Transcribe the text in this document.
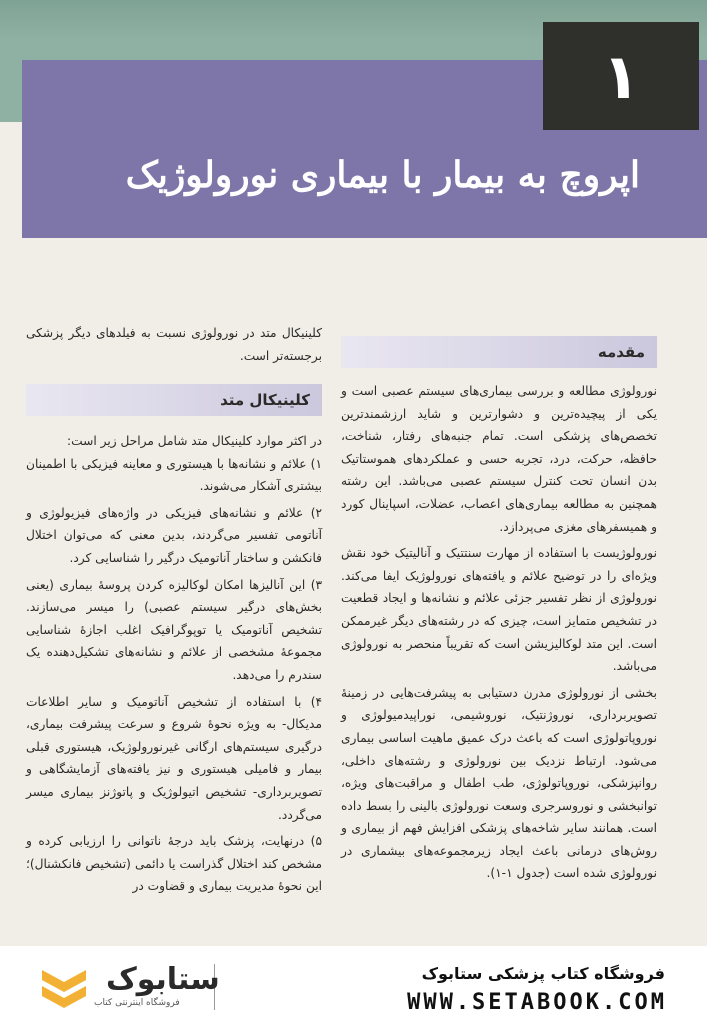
۱
اپروچ به بیمار با بیماری نورولوژیک
مقدمه

نورولوژی مطالعه و بررسی بیماری‌های سیستم عصبی است و یکی از پیچیده‌ترین و دشوارترین و شاید ارزشمندترین تخصص‌های پزشکی است. تمام جنبه‌های رفتار، شناخت، حافظه، حرکت، درد، تجربه حسی و عملکردهای هموستاتیک بدن انسان تحت کنترل سیستم عصبی می‌باشد. این رشته همچنین به مطالعه بیماری‌های اعصاب، عضلات، اسپاینال کورد و همیسفرهای مغزی می‌پردازد.

نورولوژیست با استفاده از مهارت سنتتیک و آنالیتیک خود نقش ویژه‌ای را در توضیح علائم و یافته‌های نورولوژیک ایفا می‌کند. نورولوژی از نظر تفسیر جزئی علائم و نشانه‌ها و ایجاد قطعیت در تشخیص متمایز است، چیزی که در رشته‌های دیگر غیرممکن است. این متد لوکالیزیشن است که تقریباً منحصر به نورولوژی می‌باشد.

بخشی از نورولوژی مدرن دستیابی به پیشرفت‌هایی در زمینهٔ تصویربرداری، نوروژنتیک، نوروشیمی، نوراپیدمیولوژی و نوروپاتولوژی است که باعث درک عمیق ماهیت اساسی بیماری می‌شود. ارتباط نزدیک بین نورولوژی و رشته‌های داخلی، روانپزشکی، نوروپاتولوژی، طب اطفال و مراقبت‌های ویژه، توانبخشی و نوروسرجری وسعت نورولوژی بالینی را بسط داده است. همانند سایر شاخه‌های پزشکی افزایش فهم از بیماری و روش‌های درمانی باعث ایجاد زیرمجموعه‌های بیشماری در نورولوژی شده است (جدول ۱-۱).

کلینیکال متد در نورولوژی نسبت به فیلدهای دیگر پزشکی برجسته‌تر است.

کلینیکال متد

در اکثر موارد کلینیکال متد شامل مراحل زیر است:

۱) علائم و نشانه‌ها با هیستوری و معاینه فیزیکی با اطمینان بیشتری آشکار می‌شوند.

۲) علائم و نشانه‌های فیزیکی در واژه‌های فیزیولوژی و آناتومی تفسیر می‌گردند، بدین معنی که می‌توان اختلال فانکشن و ساختار آناتومیک درگیر را شناسایی کرد.

۳) این آنالیزها امکان لوکالیزه کردن پروسهٔ بیماری (یعنی بخش‌های درگیر سیستم عصبی) را میسر می‌سازند. تشخیص آناتومیک یا توپوگرافیک اغلب اجازهٔ شناسایی مجموعهٔ مشخصی از علائم و نشانه‌های تشکیل‌دهنده یک سندرم را می‌دهد.

۴) با استفاده از تشخیص آناتومیک و سایر اطلاعات مدیکال- به ویژه نحوهٔ شروع و سرعت پیشرفت بیماری، درگیری سیستم‌های ارگانی غیرنورولوژیک، هیستوری قبلی بیمار و فامیلی هیستوری و نیز یافته‌های آزمایشگاهی و تصویربرداری- تشخیص اتیولوژیک و پاتوژنز بیماری میسر می‌گردد.

۵) درنهایت، پزشک باید درجهٔ ناتوانی را ارزیابی کرده و مشخص کند اختلال گذراست یا دائمی (تشخیص فانکشنال)؛ این نحوهٔ مدیریت بیماری و قضاوت در

ستابوک
فروشگاه اینترنتی کتاب
فروشگاه کتاب پزشکی ستابوک
WWW.SETABOOK.COM
